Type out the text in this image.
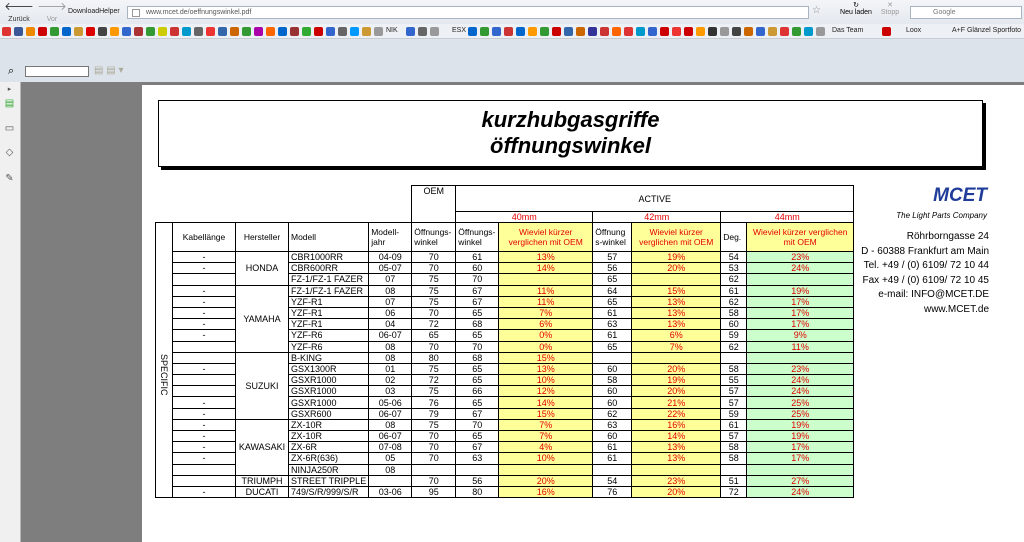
🡐
Zurück
🡒
Vor
DownloadHelper	www.mcet.de/oeffnungswinkel.pdf	☆	↻
Neu laden
✕
Stopp	Google
NIK	ESX	Das Team	Loox	A+F Glänzel Sportfoto
⌕	▤ ▤ ▾
▸
▤
▭
◇
✎
kurzhubgasgriffe
öffnungswinkel
MCET
The Light Parts Company
Röhrborngasse 24
D - 60388 Frankfurt am Main
Tel. +49 / (0) 6109/ 72 10 44
Fax +49 / (0) 6109/ 72 10 45
e-mail: INFO@MCET.DE
www.MCET.de
					OEM	ACTIVE					
						40mm		42mm		44mm	
	Kabellänge	Hersteller	Modell	Modell-jahr	Öffnungs-winkel	Öffnungs-winkel	Wieviel kürzer verglichen mit OEM	Öffnung s-winkel	Wieviel kürzer verglichen mit OEM	Deg.	Wieviel kürzer verglichen mit OEM

SPECIFIC	-	HONDA	CBR1000RR	04-09	70	61	13%	57	19%	54	23%
	-		CBR600RR	05-07	70	60	14%	56	20%	53	24%
			FZ-1/FZ-1 FAZER	07	75	70		65		62	
	-	YAMAHA	FZ-1/FZ-1 FAZER	08	75	67	11%	64	15%	61	19%
	-		YZF-R1	07	75	67	11%	65	13%	62	17%
	-		YZF-R1	06	70	65	7%	61	13%	58	17%
	-		YZF-R1	04	72	68	6%	63	13%	60	17%
	-		YZF-R6	06-07	65	65	0%	61	6%	59	9%
			YZF-R6	08	70	70	0%	65	7%	62	11%
		SUZUKI	B-KING	08	80	68	15%				
	-		GSX1300R	01	75	65	13%	60	20%	58	23%
			GSXR1000	02	72	65	10%	58	19%	55	24%
			GSXR1000	03	75	66	12%	60	20%	57	24%
	-		GSXR1000	05-06	76	65	14%	60	21%	57	25%
	-		GSXR600	06-07	79	67	15%	62	22%	59	25%
	-	KAWASAKI	ZX-10R	08	75	70	7%	63	16%	61	19%
	-		ZX-10R	06-07	70	65	7%	60	14%	57	19%
	-		ZX-6R	07-08	70	67	4%	61	13%	58	17%
	-		ZX-6R(636)	05	70	63	10%	61	13%	58	17%
			NINJA250R	08							
		TRIUMPH	STREET TRIPPLE		70	56	20%	54	23%	51	27%
	-	DUCATI	749/S/R/999/S/R	03-06	95	80	16%	76	20%	72	24%
